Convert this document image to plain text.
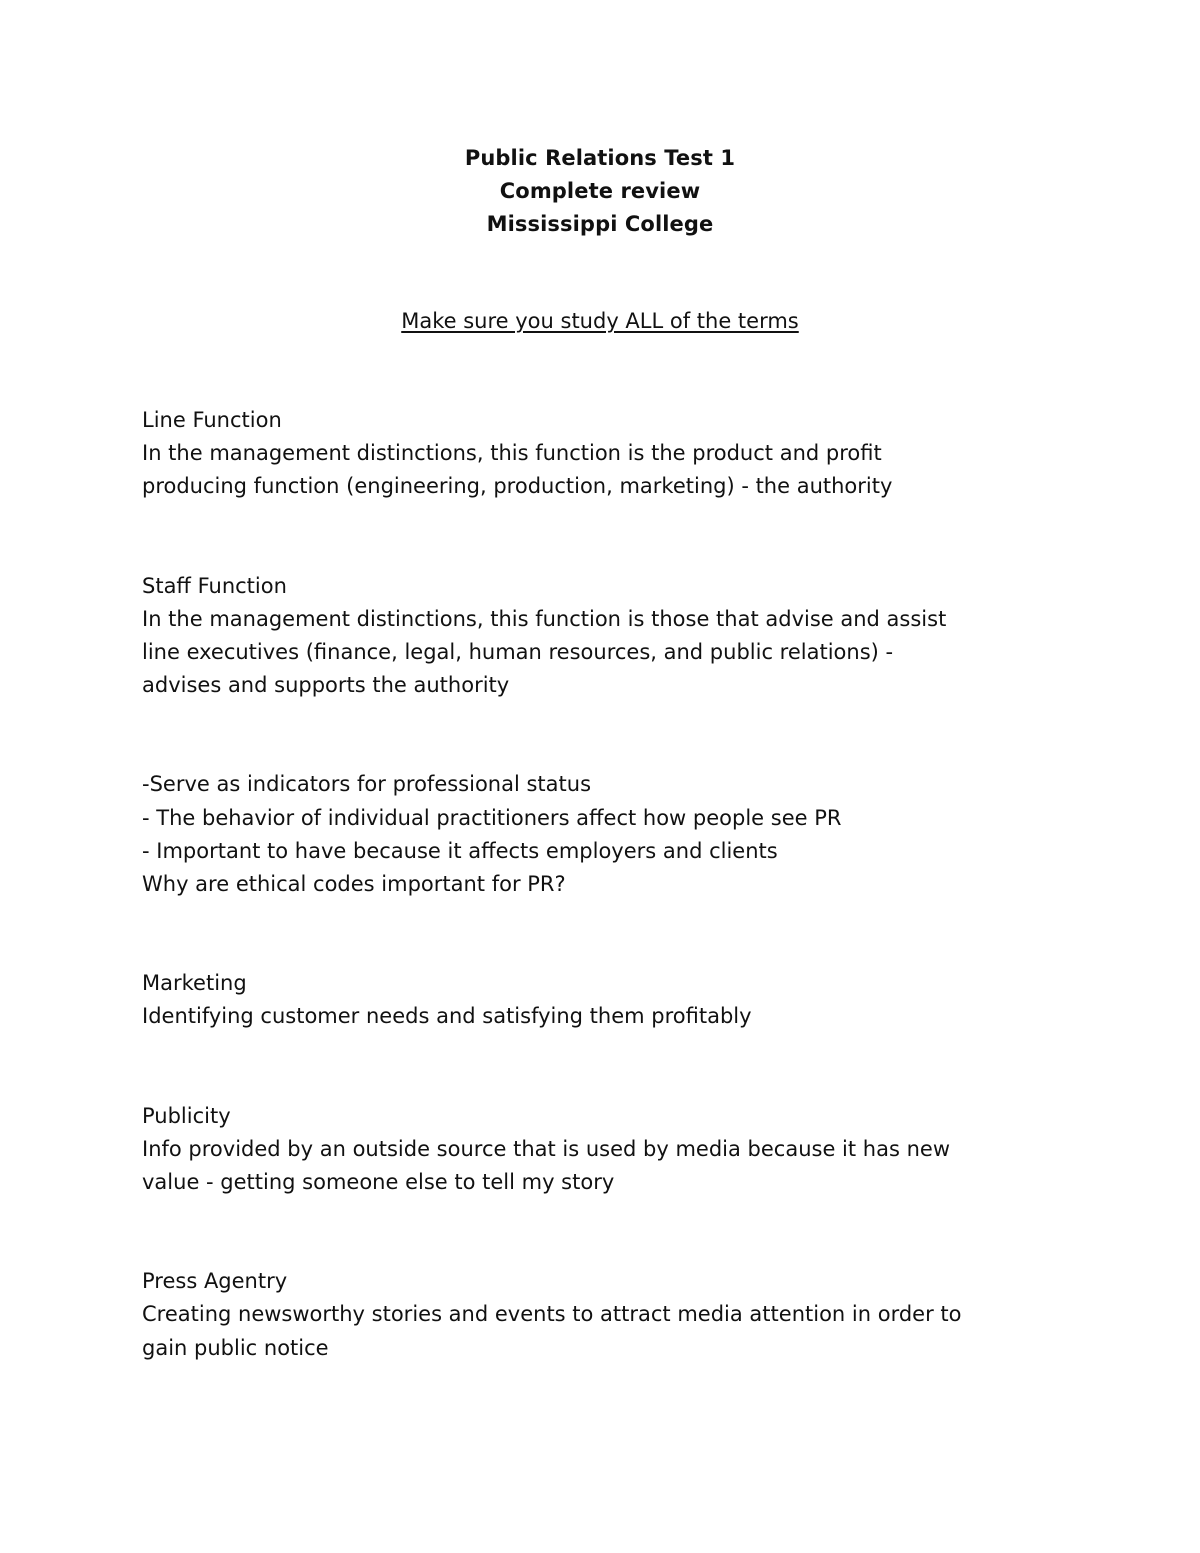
Public Relations Test 1
Complete review
Mississippi College
Make sure you study ALL of the terms
Line Function
In the management distinctions, this function is the product and profit
producing function (engineering, production, marketing) - the authority
Staff Function
In the management distinctions, this function is those that advise and assist
line executives (finance, legal, human resources, and public relations) -
advises and supports the authority
-Serve as indicators for professional status
- The behavior of individual practitioners affect how people see PR
- Important to have because it affects employers and clients
Why are ethical codes important for PR?
Marketing
Identifying customer needs and satisfying them profitably
Publicity
Info provided by an outside source that is used by media because it has new
value - getting someone else to tell my story
Press Agentry
Creating newsworthy stories and events to attract media attention in order to
gain public notice
